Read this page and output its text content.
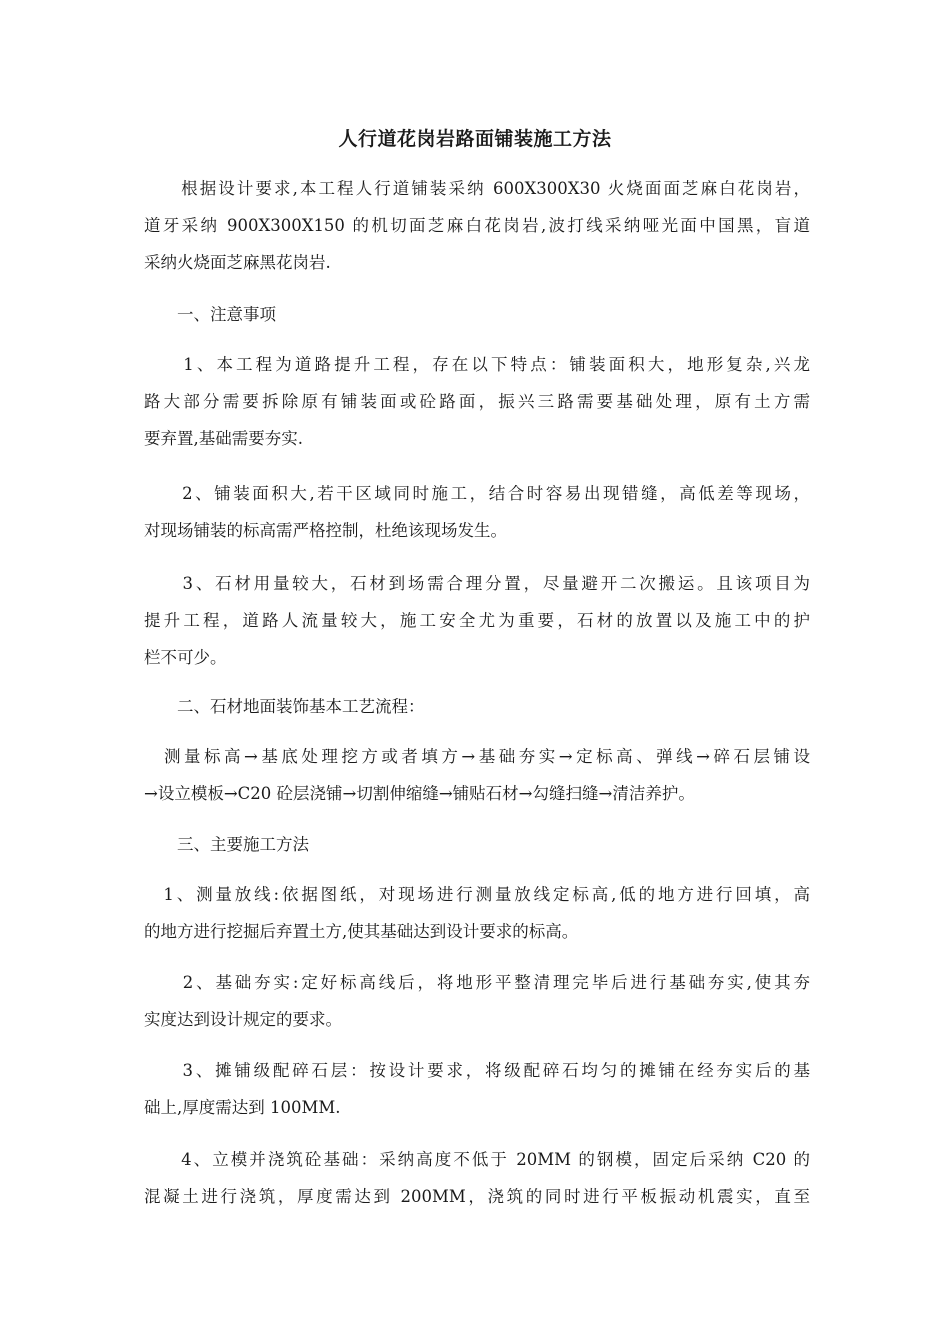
人行道花岗岩路面铺装施工方法
　　根据设计要求,本工程人行道铺装采纳 600X300X30 火烧面面芝麻白花岗岩，
道牙采纳 900X300X150 的机切面芝麻白花岗岩,波打线采纳哑光面中国黑，盲道
采纳火烧面芝麻黑花岗岩.
　　一、注意事项
　　1、本工程为道路提升工程，存在以下特点：铺装面积大，地形复杂,兴龙
路大部分需要拆除原有铺装面或砼路面，振兴三路需要基础处理，原有土方需
要弃置,基础需要夯实.
　　2、铺装面积大,若干区域同时施工，结合时容易出现错缝，高低差等现场，
对现场铺装的标高需严格控制，杜绝该现场发生。
　　3、石材用量较大，石材到场需合理分置，尽量避开二次搬运。且该项目为
提升工程，道路人流量较大，施工安全尤为重要，石材的放置以及施工中的护
栏不可少。
　　二、石材地面装饰基本工艺流程：
　测量标高→基底处理挖方或者填方→基础夯实→定标高、弹线→碎石层铺设
→设立模板→C20 砼层浇铺→切割伸缩缝→铺贴石材→勾缝扫缝→清洁养护。
　　三、主要施工方法
　1、测量放线:依据图纸，对现场进行测量放线定标高,低的地方进行回填，高
的地方进行挖掘后弃置土方,使其基础达到设计要求的标高。
　　2、基础夯实:定好标高线后，将地形平整清理完毕后进行基础夯实,使其夯
实度达到设计规定的要求。
　　3、摊铺级配碎石层：按设计要求，将级配碎石均匀的摊铺在经夯实后的基
础上,厚度需达到 100MM.
　　4、立模并浇筑砼基础：采纳高度不低于 20MM 的钢模，固定后采纳 C20 的
混凝土进行浇筑，厚度需达到 200MM，浇筑的同时进行平板振动机震实，直至
